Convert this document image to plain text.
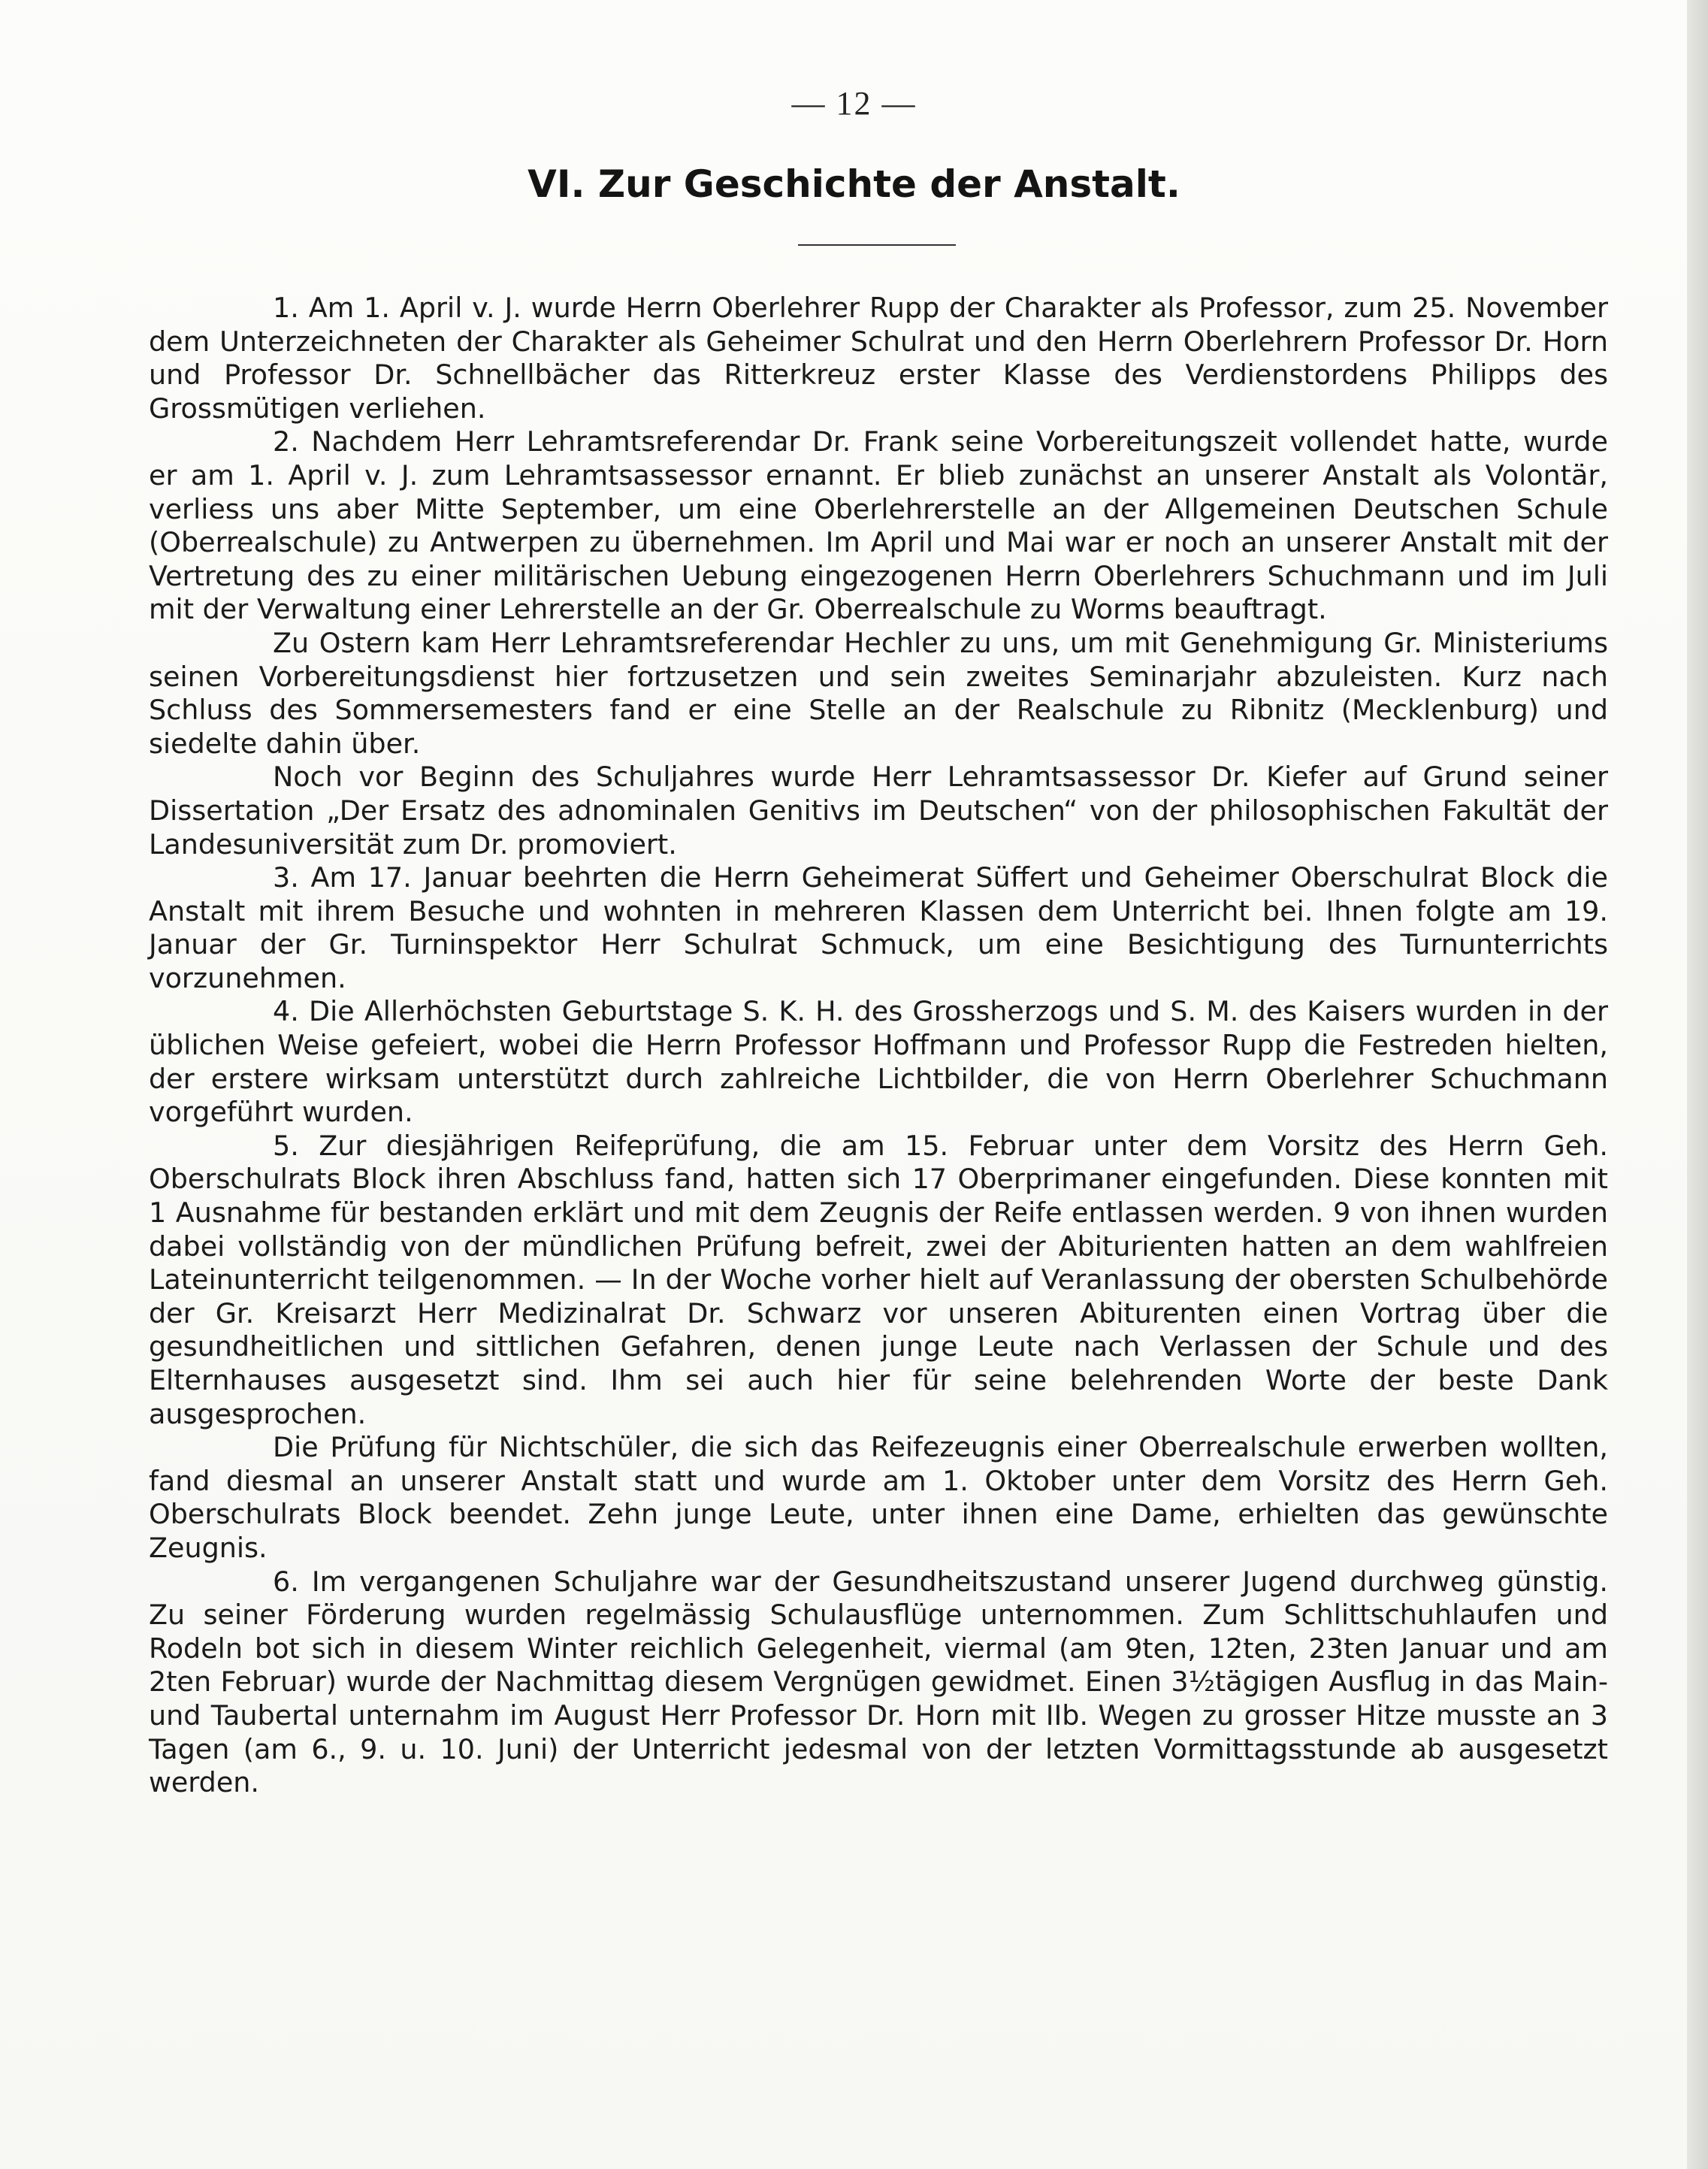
— 12 —
VI. Zur Geschichte der Anstalt.

1. Am 1. April v. J. wurde Herrn Oberlehrer Rupp der Charakter als Professor, zum 25. November dem Unterzeichneten der Charakter als Geheimer Schulrat und den Herrn Oberlehrern Professor Dr. Horn und Professor Dr. Schnellbächer das Ritterkreuz erster Klasse des Verdienstordens Philipps des Grossmütigen verliehen.

2. Nachdem Herr Lehramtsreferendar Dr. Frank seine Vorbereitungszeit vollendet hatte, wurde er am 1. April v. J. zum Lehramtsassessor ernannt. Er blieb zunächst an unserer Anstalt als Volontär, verliess uns aber Mitte September, um eine Oberlehrerstelle an der Allgemeinen Deutschen Schule (Oberrealschule) zu Antwerpen zu übernehmen. Im April und Mai war er noch an unserer Anstalt mit der Vertretung des zu einer militärischen Uebung eingezogenen Herrn Oberlehrers Schuchmann und im Juli mit der Verwaltung einer Lehrerstelle an der Gr. Oberrealschule zu Worms beauftragt.

Zu Ostern kam Herr Lehramtsreferendar Hechler zu uns, um mit Genehmigung Gr. Ministeriums seinen Vorbereitungsdienst hier fortzusetzen und sein zweites Seminarjahr abzuleisten. Kurz nach Schluss des Sommersemesters fand er eine Stelle an der Realschule zu Ribnitz (Mecklenburg) und siedelte dahin über.

Noch vor Beginn des Schuljahres wurde Herr Lehramtsassessor Dr. Kiefer auf Grund seiner Dissertation „Der Ersatz des adnominalen Genitivs im Deutschen“ von der philosophischen Fakultät der Landesuniversität zum Dr. promoviert.

3. Am 17. Januar beehrten die Herrn Geheimerat Süffert und Geheimer Oberschulrat Block die Anstalt mit ihrem Besuche und wohnten in mehreren Klassen dem Unterricht bei. Ihnen folgte am 19. Januar der Gr. Turninspektor Herr Schulrat Schmuck, um eine Besichtigung des Turnunterrichts vorzunehmen.

4. Die Allerhöchsten Geburtstage S. K. H. des Grossherzogs und S. M. des Kaisers wurden in der üblichen Weise gefeiert, wobei die Herrn Professor Hoffmann und Professor Rupp die Festreden hielten, der erstere wirksam unterstützt durch zahlreiche Lichtbilder, die von Herrn Oberlehrer Schuchmann vorgeführt wurden.

5. Zur diesjährigen Reifeprüfung, die am 15. Februar unter dem Vorsitz des Herrn Geh. Oberschulrats Block ihren Abschluss fand, hatten sich 17 Oberprimaner eingefunden. Diese konnten mit 1 Ausnahme für bestanden erklärt und mit dem Zeugnis der Reife entlassen werden. 9 von ihnen wurden dabei vollständig von der mündlichen Prüfung befreit, zwei der Abiturienten hatten an dem wahlfreien Lateinunterricht teilgenommen. — In der Woche vorher hielt auf Veranlassung der obersten Schulbehörde der Gr. Kreisarzt Herr Medizinalrat Dr. Schwarz vor unseren Abiturenten einen Vortrag über die gesundheitlichen und sittlichen Gefahren, denen junge Leute nach Verlassen der Schule und des Elternhauses ausgesetzt sind. Ihm sei auch hier für seine belehrenden Worte der beste Dank ausgesprochen.

Die Prüfung für Nichtschüler, die sich das Reifezeugnis einer Oberrealschule erwerben wollten, fand diesmal an unserer Anstalt statt und wurde am 1. Oktober unter dem Vorsitz des Herrn Geh. Oberschulrats Block beendet. Zehn junge Leute, unter ihnen eine Dame, erhielten das gewünschte Zeugnis.

6. Im vergangenen Schuljahre war der Gesundheitszustand unserer Jugend durchweg günstig. Zu seiner Förderung wurden regelmässig Schulausflüge unternommen. Zum Schlittschuhlaufen und Rodeln bot sich in diesem Winter reichlich Gelegenheit, viermal (am 9ten, 12ten, 23ten Januar und am 2ten Februar) wurde der Nachmittag diesem Vergnügen gewidmet. Einen 3½tägigen Ausflug in das Main- und Taubertal unternahm im August Herr Professor Dr. Horn mit IIb. Wegen zu grosser Hitze musste an 3 Tagen (am 6., 9. u. 10. Juni) der Unterricht jedesmal von der letzten Vormittagsstunde ab ausgesetzt werden.
